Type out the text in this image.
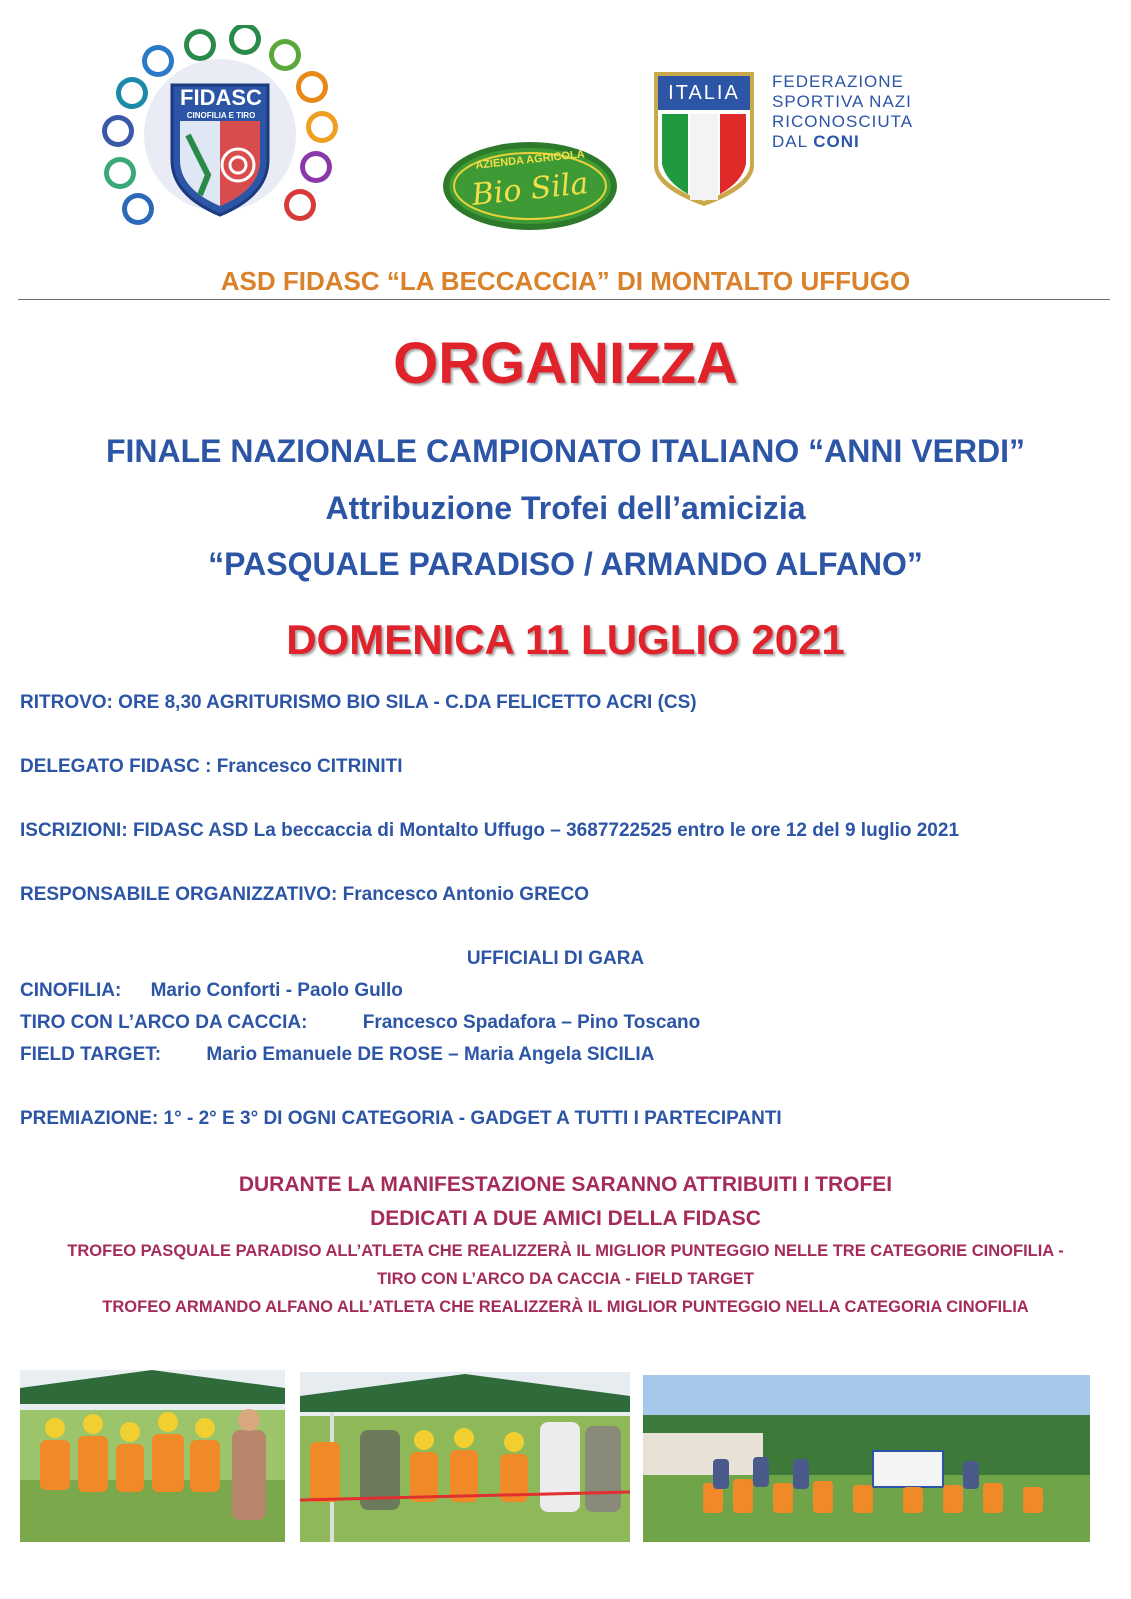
FIDASC
CINOFILIA E TIRO
AZIENDA AGRICOLA
Bio Sila
ITALIA
FEDERAZIONE
SPORTIVA NAZI
RICONOSCIUTA
DAL CONI
ASD FIDASC “LA BECCACCIA” DI MONTALTO UFFUGO
ORGANIZZA
FINALE NAZIONALE CAMPIONATO ITALIANO “ANNI VERDI”
Attribuzione Trofei dell’amicizia
“PASQUALE PARADISO / ARMANDO ALFANO”
DOMENICA 11 LUGLIO 2021
RITROVO: ORE 8,30 AGRITURISMO BIO SILA - C.DA FELICETTO ACRI (CS)
DELEGATO FIDASC : Francesco CITRINITI
ISCRIZIONI: FIDASC ASD La beccaccia di Montalto Uffugo – 3687722525 entro le ore 12 del 9 luglio 2021
RESPONSABILE ORGANIZZATIVO: Francesco Antonio GRECO
UFFICIALI DI GARA
CINOFILIA: Mario Conforti - Paolo Gullo
TIRO CON L’ARCO DA CACCIA:	Francesco Spadafora – Pino Toscano
FIELD TARGET: Mario Emanuele DE ROSE – Maria Angela SICILIA
PREMIAZIONE: 1° - 2° E 3° DI OGNI CATEGORIA - GADGET A TUTTI I PARTECIPANTI
DURANTE LA MANIFESTAZIONE SARANNO ATTRIBUITI I TROFEI
DEDICATI A DUE AMICI DELLA FIDASC
TROFEO PASQUALE PARADISO ALL’ATLETA CHE REALIZZERÀ IL MIGLIOR PUNTEGGIO NELLE TRE CATEGORIE CINOFILIA -
TIRO CON L’ARCO DA CACCIA - FIELD TARGET
TROFEO ARMANDO ALFANO ALL’ATLETA CHE REALIZZERÀ IL MIGLIOR PUNTEGGIO NELLA CATEGORIA CINOFILIA
